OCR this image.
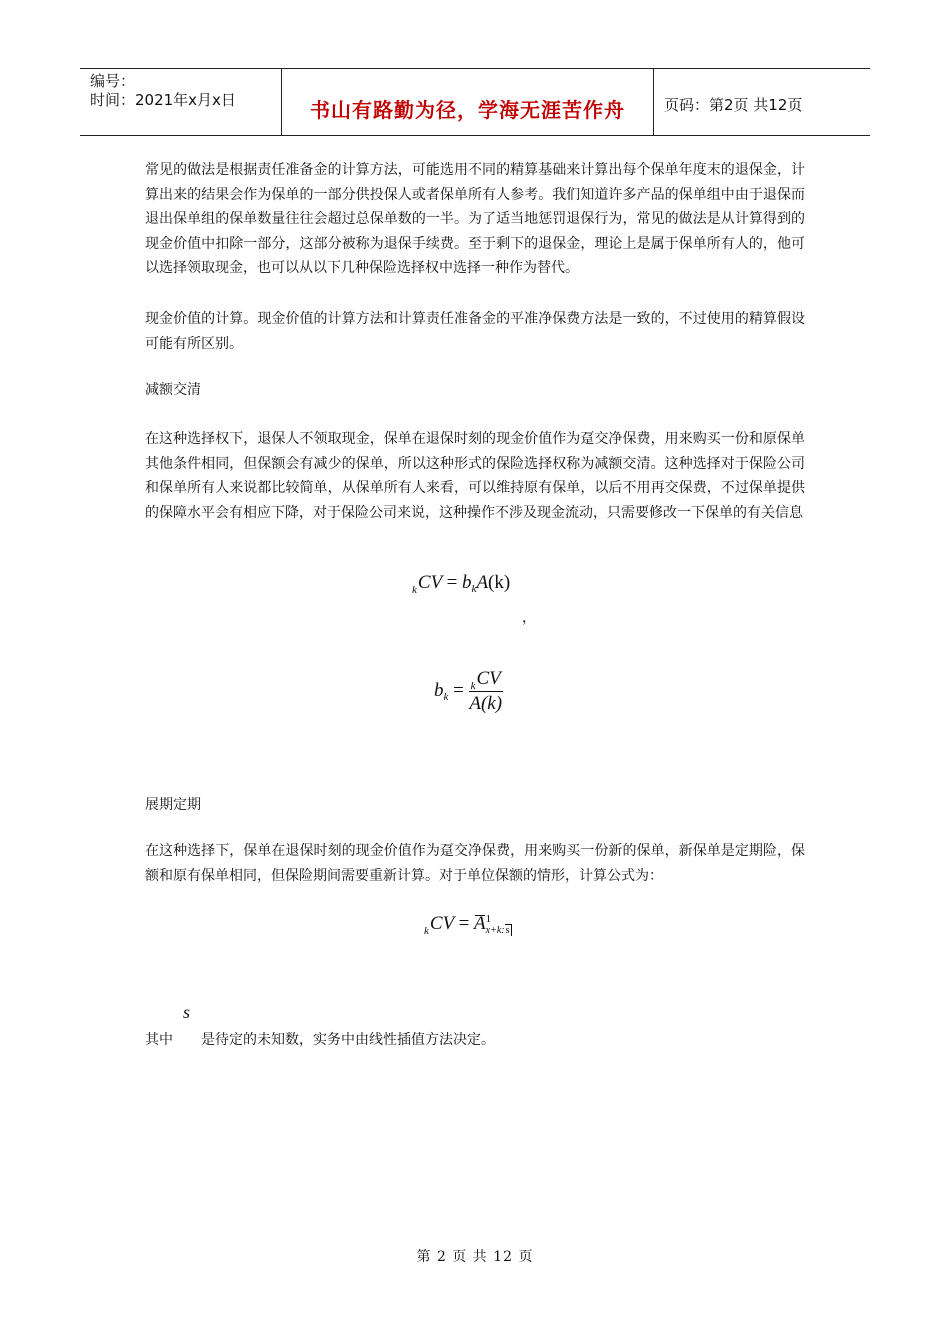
编号：
时间：2021年x月x日	书山有路勤为径，学海无涯苦作舟	页码：第2页 共12页

常见的做法是根据责任准备金的计算方法，可能选用不同的精算基础来计算出每个保单年度末的退保金，计算出来的结果会作为保单的一部分供投保人或者保单所有人参考。我们知道许多产品的保单组中由于退保而退出保单组的保单数量往往会超过总保单数的一半。为了适当地惩罚退保行为，常见的做法是从计算得到的现金价值中扣除一部分，这部分被称为退保手续费。至于剩下的退保金，理论上是属于保单所有人的，他可以选择领取现金，也可以从以下几种保险选择权中选择一种作为替代。

现金价值的计算。现金价值的计算方法和计算责任准备金的平准净保费方法是一致的，不过使用的精算假设可能有所区别。

减额交清

在这种选择权下，退保人不领取现金，保单在退保时刻的现金价值作为趸交净保费，用来购买一份和原保单其他条件相同，但保额会有减少的保单，所以这种形式的保险选择权称为减额交清。这种选择对于保险公司和保单所有人来说都比较简单，从保单所有人来看，可以维持原有保单，以后不用再交保费，不过保单提供的保障水平会有相应下降，对于保险公司来说，这种操作不涉及现金流动，只需要修改一下保单的有关信息

$_kCV = b_kA(k)$
，
$b_k = \frac{_kCV}{A(k)}$

展期定期

在这种选择下，保单在退保时刻的现金价值作为趸交净保费，用来购买一份新的保单，新保单是定期险，保额和原有保单相同，但保险期间需要重新计算。对于单位保额的情形，计算公式为：

$_k$CV = A 1
x+k:s
s

其中　　是待定的未知数，实务中由线性插值方法决定。

第 2 页 共 12 页
